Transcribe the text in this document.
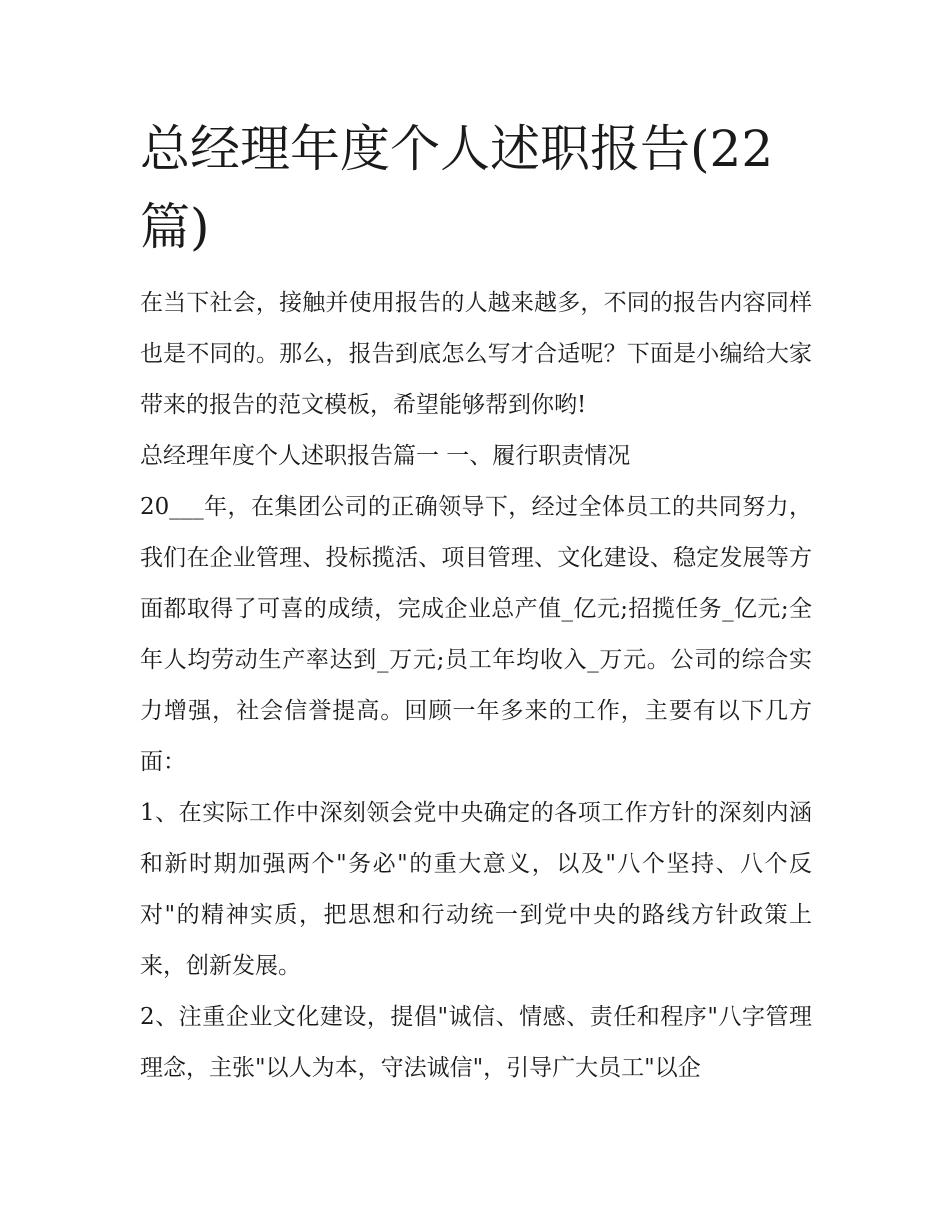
总经理年度个人述职报告(22篇)

在当下社会，接触并使用报告的人越来越多，不同的报告内容同样也是不同的。那么，报告到底怎么写才合适呢？下面是小编给大家带来的报告的范文模板，希望能够帮到你哟!

总经理年度个人述职报告篇一 一、履行职责情况

20___年，在集团公司的正确领导下，经过全体员工的共同努力，我们在企业管理、投标揽活、项目管理、文化建设、稳定发展等方面都取得了可喜的成绩，完成企业总产值_亿元;招揽任务_亿元;全年人均劳动生产率达到_万元;员工年均收入_万元。公司的综合实力增强，社会信誉提高。回顾一年多来的工作，主要有以下几方面：

1、在实际工作中深刻领会党中央确定的各项工作方针的深刻内涵和新时期加强两个"务必"的重大意义，以及"八个坚持、八个反对"的精神实质，把思想和行动统一到党中央的路线方针政策上来，创新发展。

2、注重企业文化建设，提倡"诚信、情感、责任和程序"八字管理理念，主张"以人为本，守法诚信"，引导广大员工"以企
